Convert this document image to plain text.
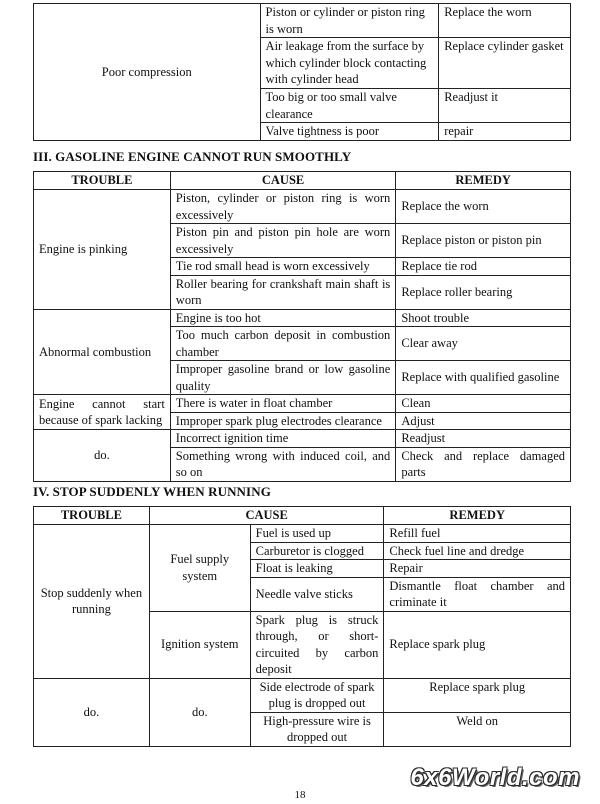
Poor compression	Piston or cylinder or piston ring is worn	Replace the worn
	Air leakage from the surface by which cylinder block contacting with cylinder head	Replace cylinder gasket
	Too big or too small valve clearance	Readjust it
	Valve tightness is poor	repair
III. GASOLINE ENGINE CANNOT RUN SMOOTHLY
TROUBLE	CAUSE	REMEDY
Engine is pinking	Piston, cylinder or piston ring is worn excessively	Replace the worn
	Piston pin and piston pin hole are worn excessively	Replace piston or piston pin
	Tie rod small head is worn excessively	Replace tie rod
	Roller bearing for crankshaft main shaft is worn	Replace roller bearing
Abnormal combustion	Engine is too hot	Shoot trouble
	Too much carbon deposit in combustion chamber	Clear away
	Improper gasoline brand or low gasoline quality	Replace with qualified gasoline
Engine cannot start because of spark lacking	There is water in float chamber	Clean
	Improper spark plug electrodes clearance	Adjust
do.	Incorrect ignition time	Readjust
	Something wrong with induced coil, and so on	Check and replace damaged parts
IV. STOP SUDDENLY WHEN RUNNING
TROUBLE	CAUSE		REMEDY
Stop suddenly when running	Fuel supply system	Fuel is used up	Refill fuel
		Carburetor is clogged	Check fuel line and dredge
		Float is leaking	Repair
		Needle valve sticks	Dismantle float chamber and criminate it
	Ignition system	Spark plug is struck through, or short-circuited by carbon deposit	Replace spark plug
do.	do.	Side electrode of spark plug is dropped out	Replace spark plug
		High-pressure wire is dropped out	Weld on
6x6World.com
18
